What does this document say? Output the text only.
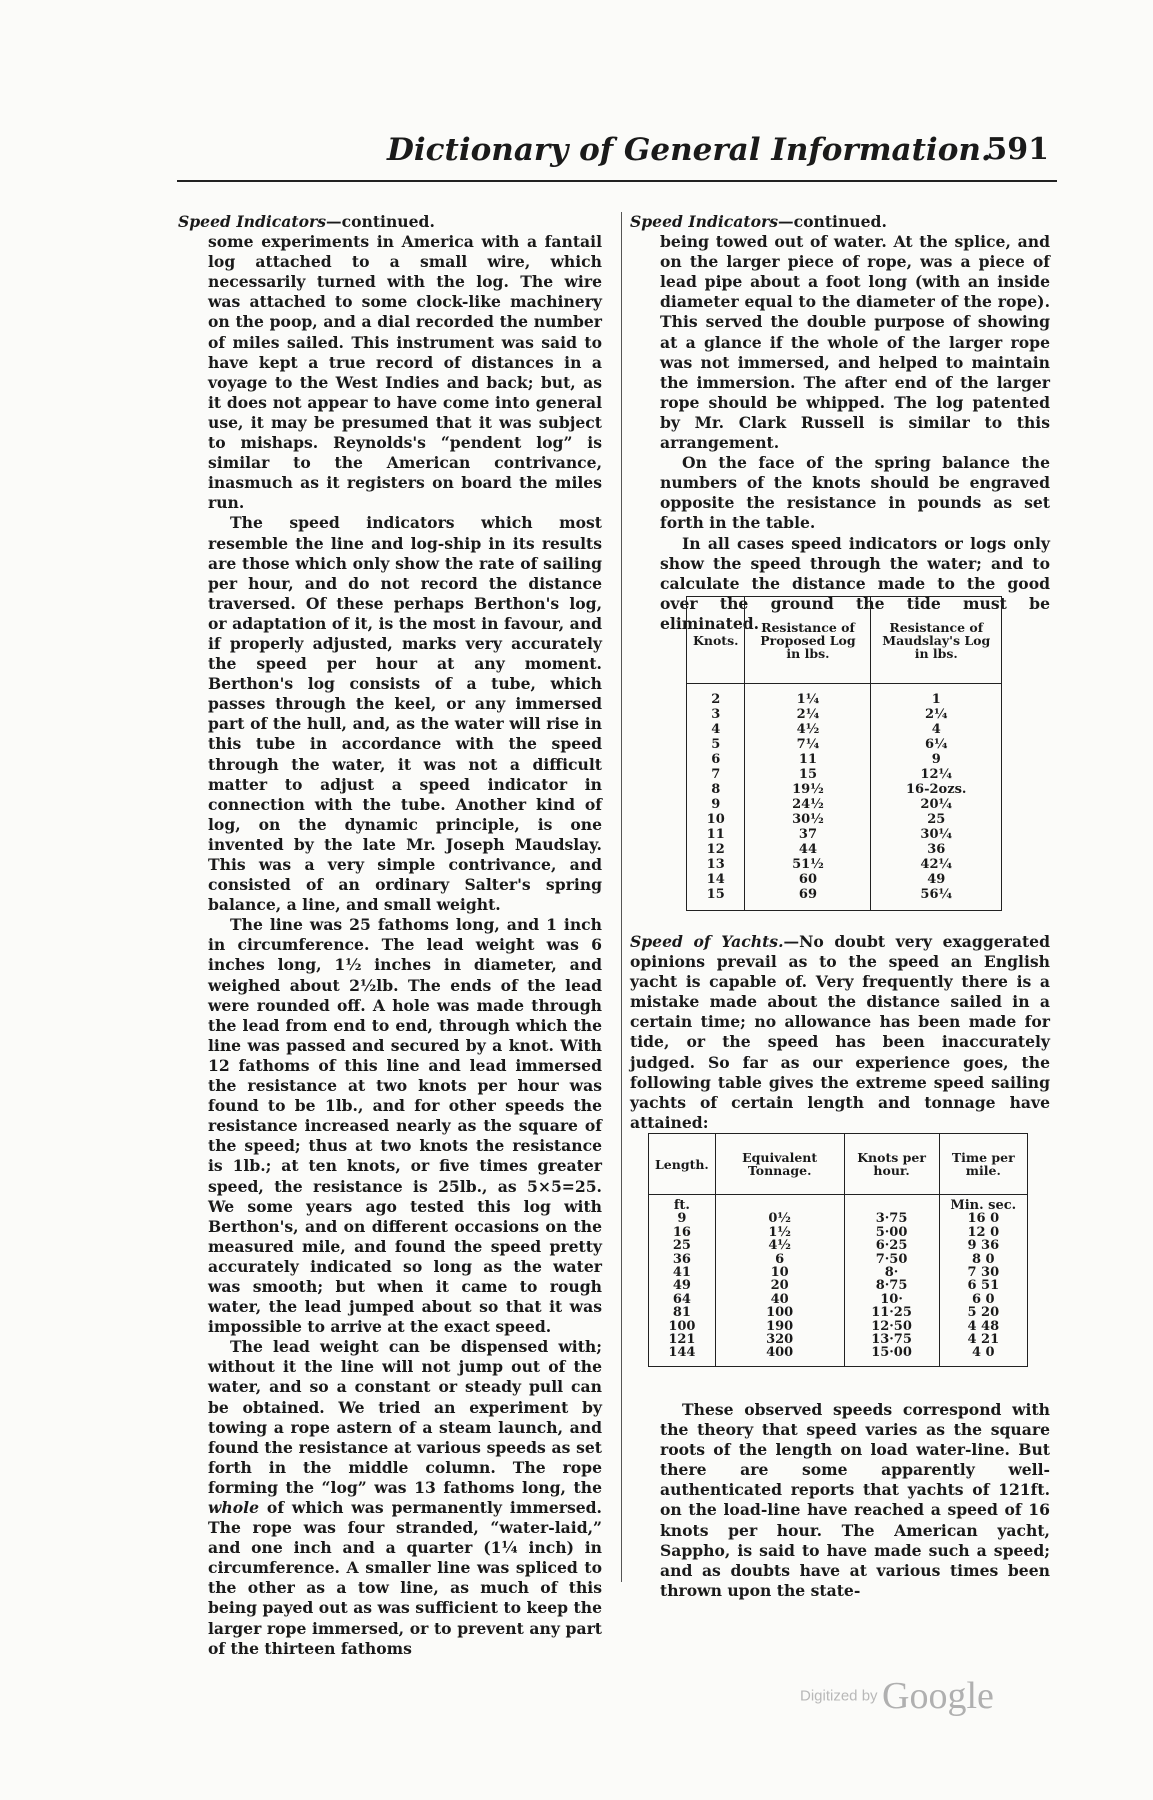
Dictionary of General Information.
591

Speed Indicators—continued.

some experiments in America with a fantail log attached to a small wire, which necessarily turned with the log. The wire was attached to some clock-like machinery on the poop, and a dial recorded the number of miles sailed. This instrument was said to have kept a true record of distances in a voyage to the West Indies and back; but, as it does not appear to have come into general use, it may be presumed that it was subject to mishaps. Reynolds's “pendent log” is similar to the American contrivance, inasmuch as it registers on board the miles run.

The speed indicators which most resemble the line and log-ship in its results are those which only show the rate of sailing per hour, and do not record the distance traversed. Of these perhaps Berthon's log, or adaptation of it, is the most in favour, and if properly adjusted, marks very accurately the speed per hour at any moment. Berthon's log consists of a tube, which passes through the keel, or any immersed part of the hull, and, as the water will rise in this tube in accordance with the speed through the water, it was not a difficult matter to adjust a speed indicator in connection with the tube. Another kind of log, on the dynamic principle, is one invented by the late Mr. Joseph Maudslay. This was a very simple contrivance, and consisted of an ordinary Salter's spring balance, a line, and small weight.

The line was 25 fathoms long, and 1 inch in circumference. The lead weight was 6 inches long, 1½ inches in diameter, and weighed about 2½lb. The ends of the lead were rounded off. A hole was made through the lead from end to end, through which the line was passed and secured by a knot. With 12 fathoms of this line and lead immersed the resistance at two knots per hour was found to be 1lb., and for other speeds the resistance increased nearly as the square of the speed; thus at two knots the resistance is 1lb.; at ten knots, or five times greater speed, the resistance is 25lb., as 5×5=25. We some years ago tested this log with Berthon's, and on different occasions on the measured mile, and found the speed pretty accurately indicated so long as the water was smooth; but when it came to rough water, the lead jumped about so that it was impossible to arrive at the exact speed.

The lead weight can be dispensed with; without it the line will not jump out of the water, and so a constant or steady pull can be obtained. We tried an experiment by towing a rope astern of a steam launch, and found the resistance at various speeds as set forth in the middle column. The rope forming the “log” was 13 fathoms long, the whole of which was permanently immersed. The rope was four stranded, “water-laid,” and one inch and a quarter (1¼ inch) in circumference. A smaller line was spliced to the other as a tow line, as much of this being payed out as was sufficient to keep the larger rope immersed, or to prevent any part of the thirteen fathoms

Speed Indicators—continued.

being towed out of water. At the splice, and on the larger piece of rope, was a piece of lead pipe about a foot long (with an inside diameter equal to the diameter of the rope). This served the double purpose of showing at a glance if the whole of the larger rope was not immersed, and helped to maintain the immersion. The after end of the larger rope should be whipped. The log patented by Mr. Clark Russell is similar to this arrangement.

On the face of the spring balance the numbers of the knots should be engraved opposite the resistance in pounds as set forth in the table.

In all cases speed indicators or logs only show the speed through the water; and to calculate the distance made to the good over the ground the tide must be eliminated.

Knots.	Resistance of Proposed Log in lbs.	Resistance of Maudslay's Log in lbs.
2	1¼	1
3	2¼	2¼
4	4½	4
5	7¼	6¼
6	11	9
7	15	12¼
8	19½	16-2ozs.
9	24½	20¼
10	30½	25
11	37	30¼
12	44	36
13	51½	42¼
14	60	49
15	69	56¼

Speed of Yachts.—No doubt very exaggerated opinions prevail as to the speed an English yacht is capable of. Very frequently there is a mistake made about the distance sailed in a certain time; no allowance has been made for tide, or the speed has been inaccurately judged. So far as our experience goes, the following table gives the extreme speed sailing yachts of certain length and tonnage have attained:

Length.	Equivalent Tonnage.	Knots per hour.	Time per mile.
ft.			Min. sec.
9	0½	3·75	16 0
16	1½	5·00	12 0
25	4½	6·25	9 36
36	6	7·50	8 0
41	10	8·	7 30
49	20	8·75	6 51
64	40	10·	6 0
81	100	11·25	5 20
100	190	12·50	4 48
121	320	13·75	4 21
144	400	15·00	4 0

These observed speeds correspond with the theory that speed varies as the square roots of the length on load water-line. But there are some apparently well-authenticated reports that yachts of 121ft. on the load-line have reached a speed of 16 knots per hour. The American yacht, Sappho, is said to have made such a speed; and as doubts have at various times been thrown upon the state-

Digitized by Google
